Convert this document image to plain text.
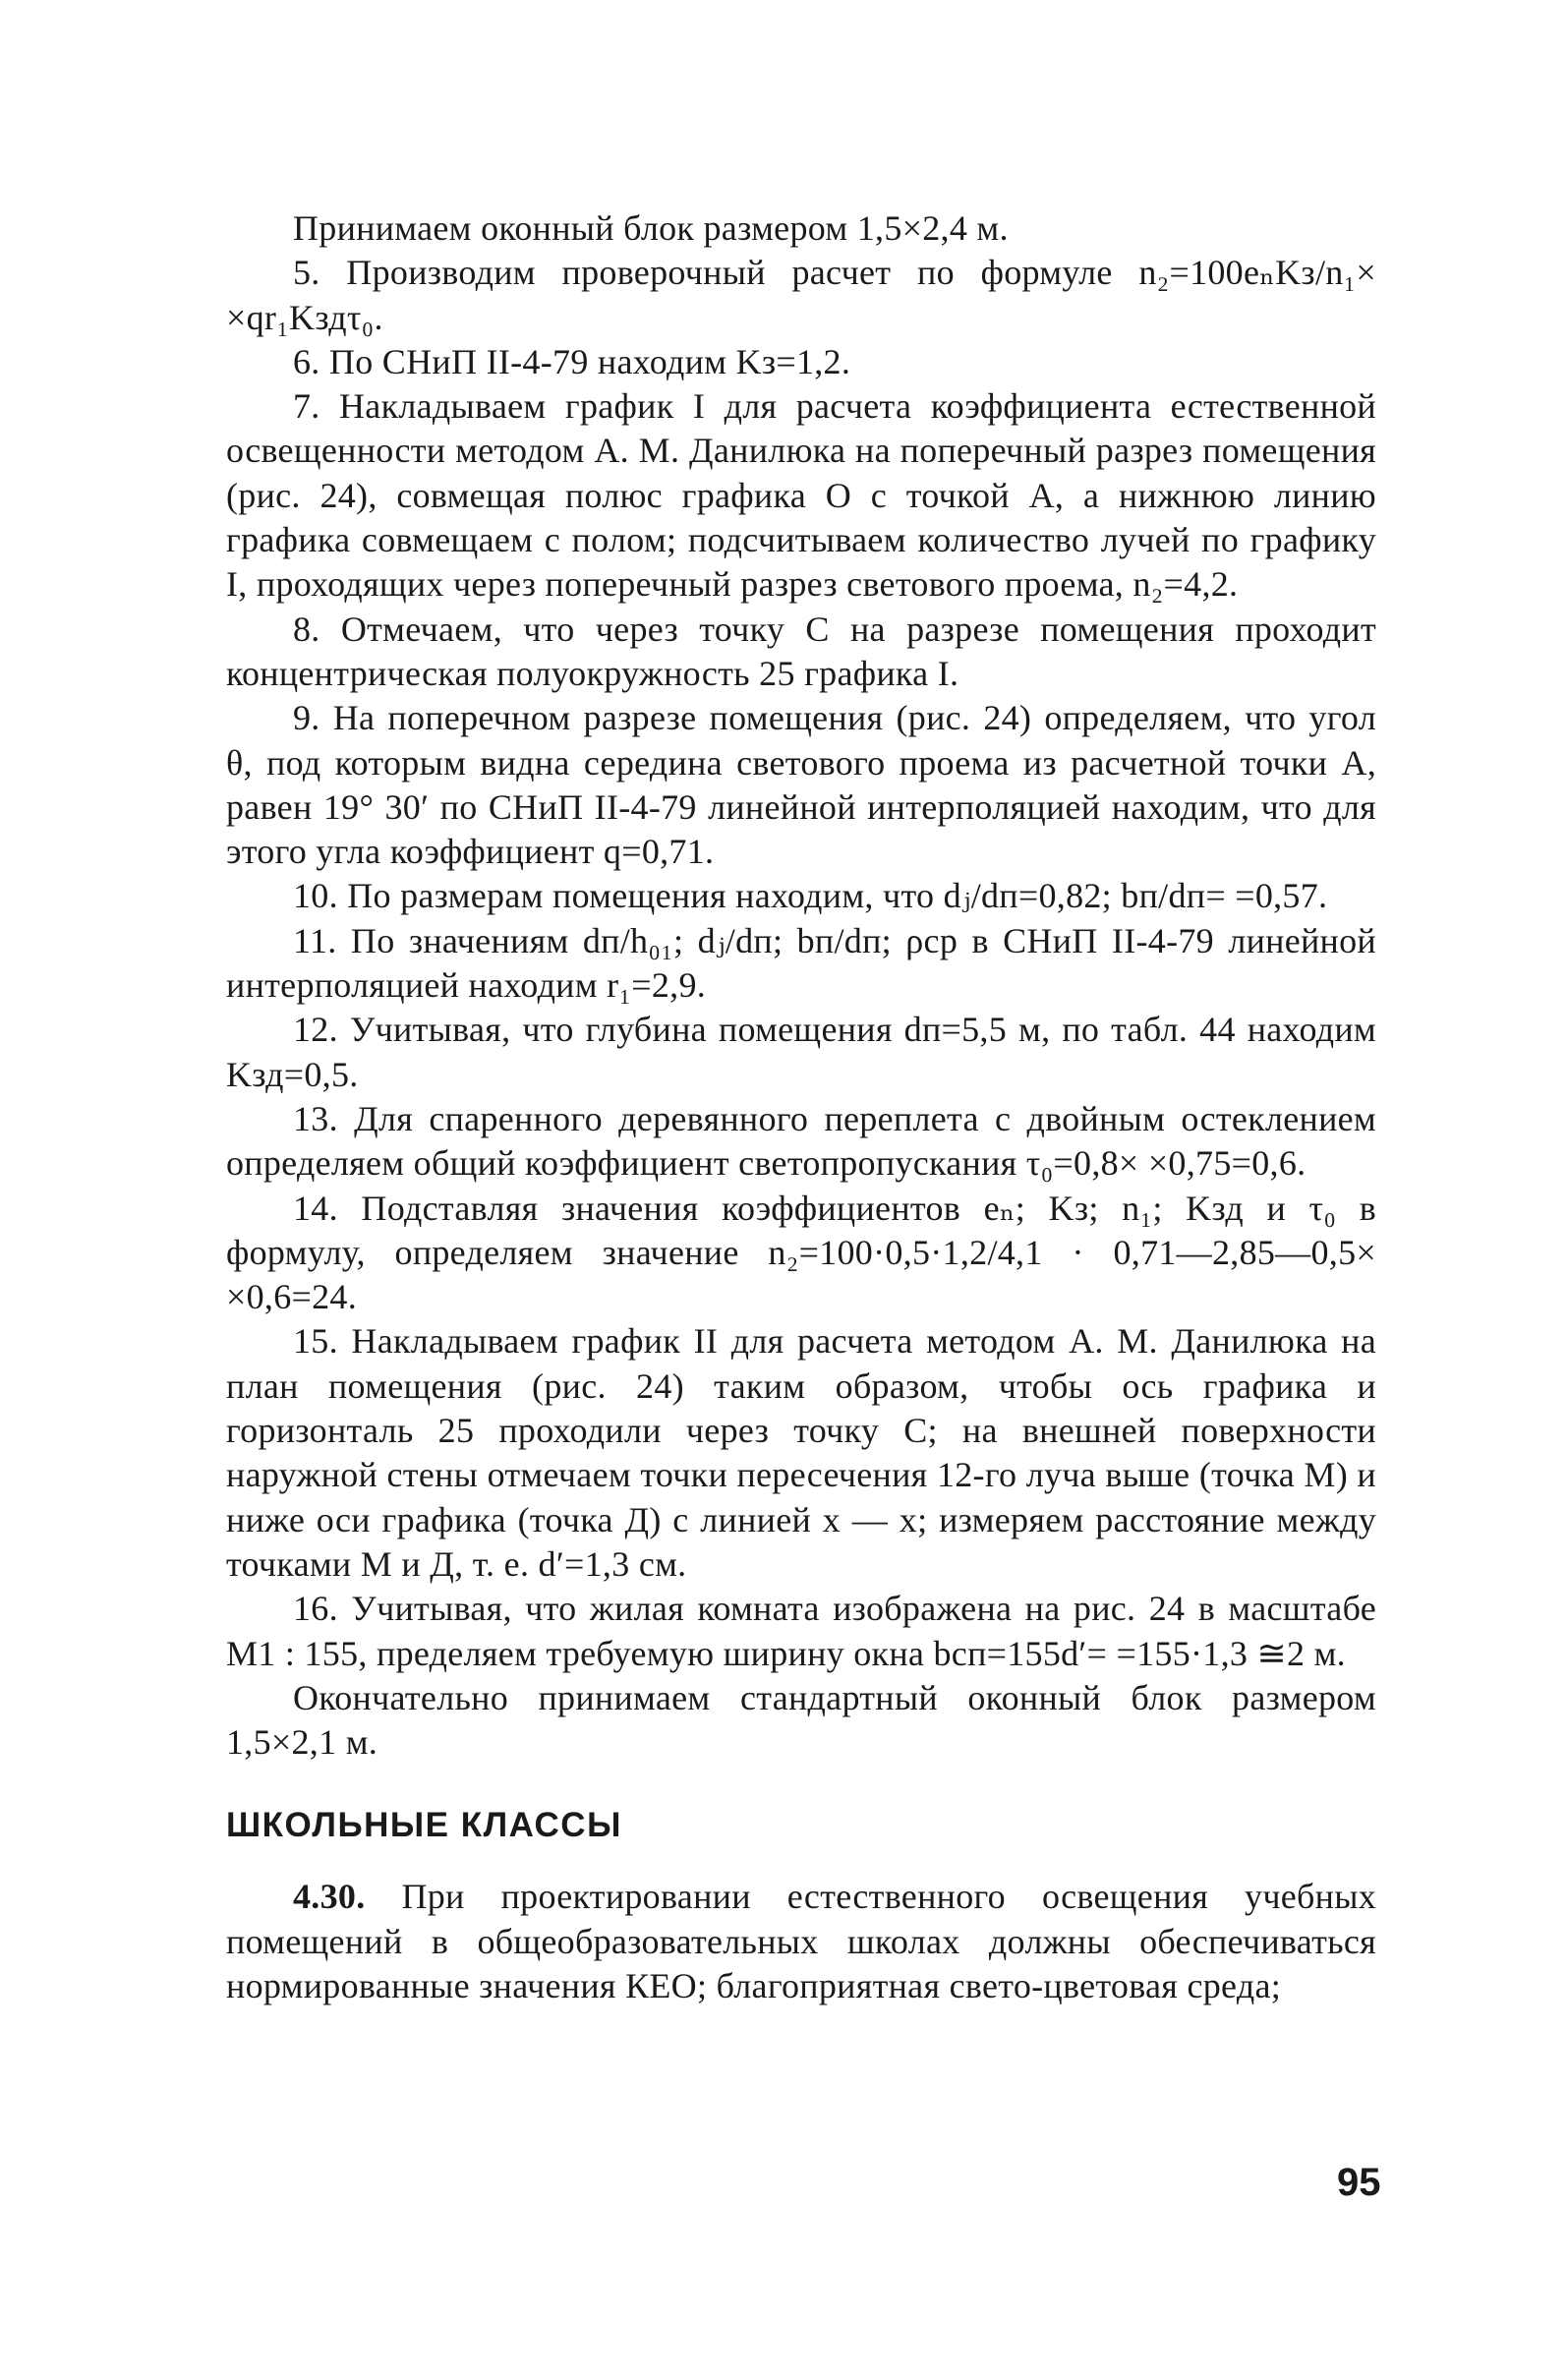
Принимаем оконный блок размером 1,5×2,4 м.

5. Производим проверочный расчет по формуле n₂=100eₙKз/n₁× ×qr₁Kздτ₀.

6. По СНиП II-4-79 находим Kз=1,2.

7. Накладываем график I для расчета коэффициента естественной освещенности методом А. М. Данилюка на поперечный разрез помещения (рис. 24), совмещая полюс графика O с точкой A, а нижнюю линию графика совмещаем с полом; подсчитываем количество лучей по графику I, проходящих через поперечный разрез светового проема, n₂=4,2.

8. Отмечаем, что через точку C на разрезе помещения проходит концентрическая полуокружность 25 графика I.

9. На поперечном разрезе помещения (рис. 24) определяем, что угол θ, под которым видна середина светового проема из расчетной точки A, равен 19° 30′ по СНиП II-4-79 линейной интерполяцией находим, что для этого угла коэффициент q=0,71.

10. По размерам помещения находим, что dⱼ/dп=0,82; bп/dп= =0,57.

11. По значениям dп/h₀₁; dⱼ/dп; bп/dп; ρср в СНиП II-4-79 линейной интерполяцией находим r₁=2,9.

12. Учитывая, что глубина помещения dп=5,5 м, по табл. 44 находим Kзд=0,5.

13. Для спаренного деревянного переплета с двойным остеклением определяем общий коэффициент светопропускания τ₀=0,8× ×0,75=0,6.

14. Подставляя значения коэффициентов eₙ; Kз; n₁; Kзд и τ₀ в формулу, определяем значение n₂=100·0,5·1,2/4,1 · 0,71—2,85—0,5× ×0,6=24.

15. Накладываем график II для расчета методом А. М. Данилюка на план помещения (рис. 24) таким образом, чтобы ось графика и горизонталь 25 проходили через точку C; на внешней поверхности наружной стены отмечаем точки пересечения 12-го луча выше (точка M) и ниже оси графика (точка Д) с линией x — x; измеряем расстояние между точками M и Д, т. е. d′=1,3 см.

16. Учитывая, что жилая комната изображена на рис. 24 в масштабе M1 : 155, пределяем требуемую ширину окна bсп=155d′= =155·1,3 ≅2 м.

Окончательно принимаем стандартный оконный блок размером 1,5×2,1 м.

ШКОЛЬНЫЕ КЛАССЫ

4.30. При проектировании естественного освещения учебных помещений в общеобразовательных школах должны обеспечиваться нормированные значения КЕО; благоприятная свето-цветовая среда;

95
